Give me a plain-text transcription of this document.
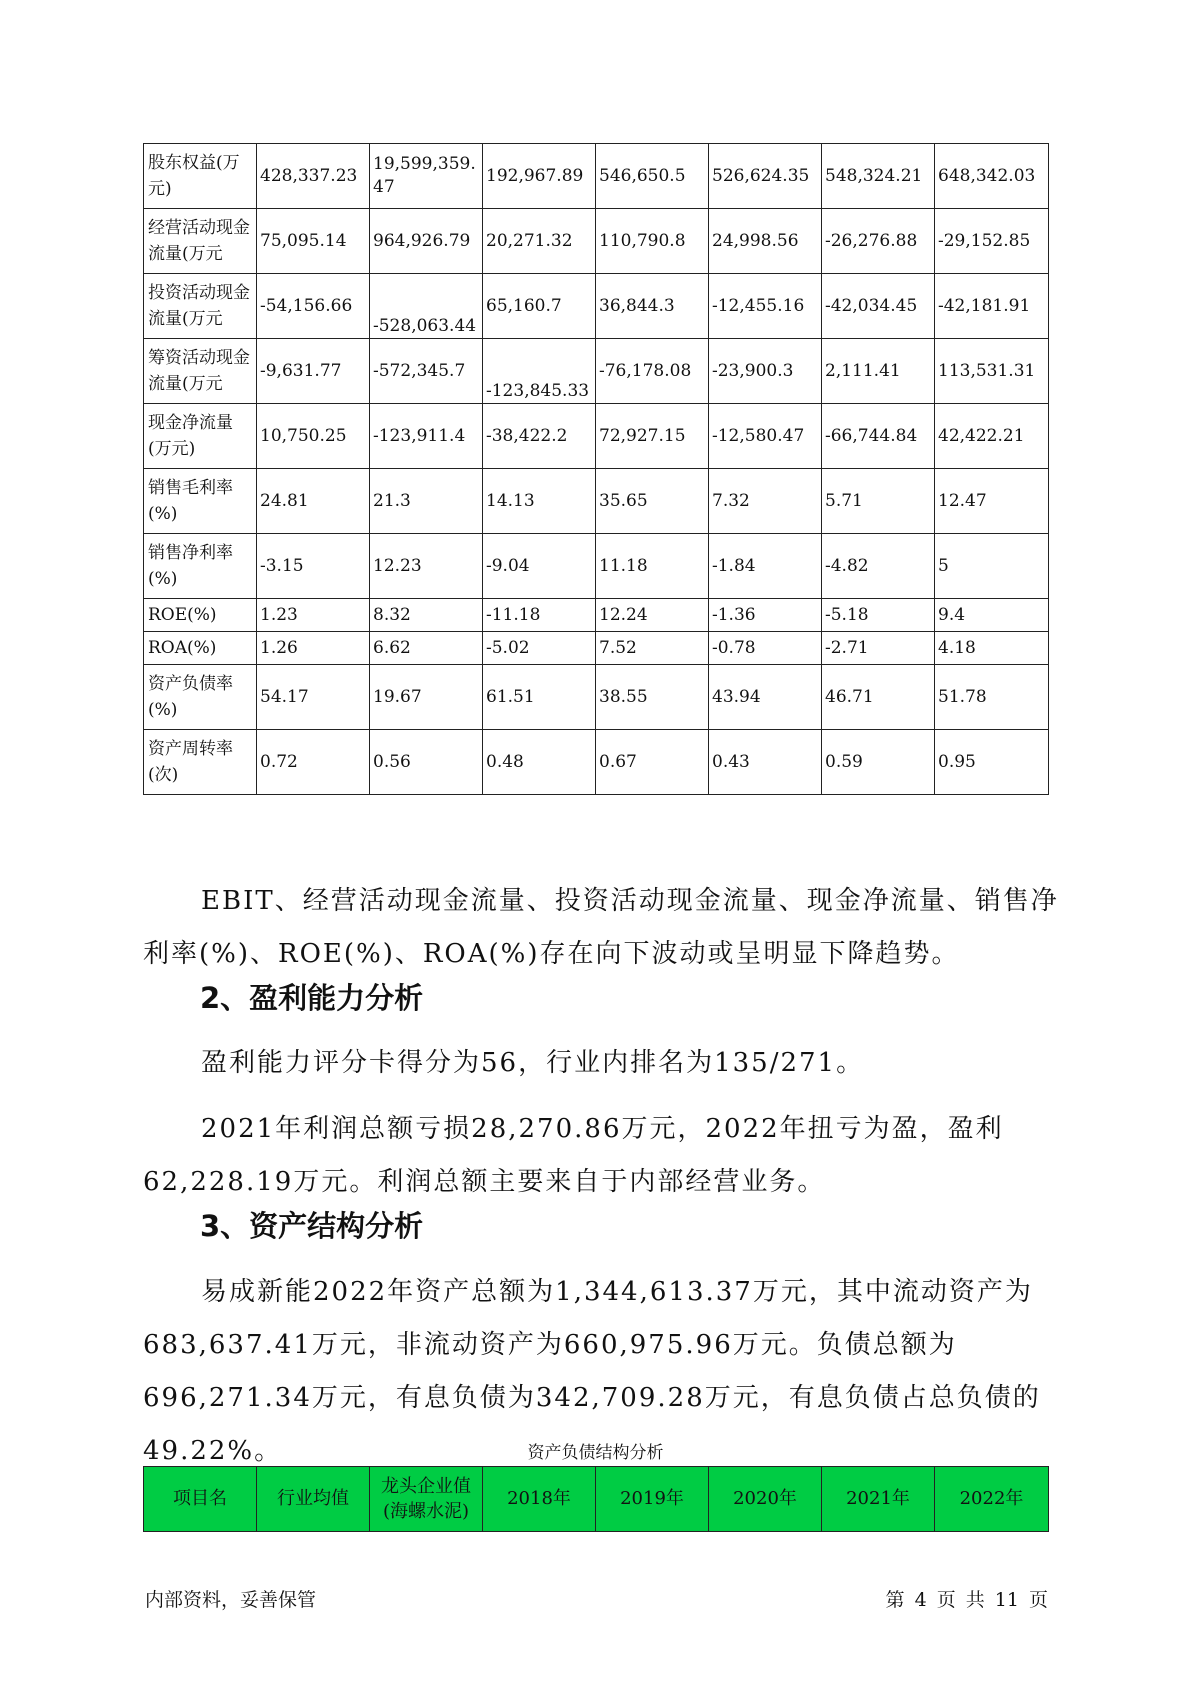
股东权益(万元)	428,337.23	19,599,359.47	192,967.89	546,650.5	526,624.35	548,324.21	648,342.03
经营活动现金流量(万元	75,095.14	964,926.79	20,271.32	110,790.8	24,998.56	-26,276.88	-29,152.85
投资活动现金流量(万元	-54,156.66	-528,063.44	65,160.7	36,844.3	-12,455.16	-42,034.45	-42,181.91
筹资活动现金流量(万元	-9,631.77	-572,345.7	-123,845.33	-76,178.08	-23,900.3	2,111.41	113,531.31
现金净流量(万元)	10,750.25	-123,911.4	-38,422.2	72,927.15	-12,580.47	-66,744.84	42,422.21
销售毛利率(%)	24.81	21.3	14.13	35.65	7.32	5.71	12.47
销售净利率(%)	-3.15	12.23	-9.04	11.18	-1.84	-4.82	5
ROE(%)	1.23	8.32	-11.18	12.24	-1.36	-5.18	9.4
ROA(%)	1.26	6.62	-5.02	7.52	-0.78	-2.71	4.18
资产负债率(%)	54.17	19.67	61.51	38.55	43.94	46.71	51.78
资产周转率(次)	0.72	0.56	0.48	0.67	0.43	0.59	0.95
EBIT、经营活动现金流量、投资活动现金流量、现金净流量、销售净利率(%)、ROE(%)、ROA(%)存在向下波动或呈明显下降趋势。
2、盈利能力分析
盈利能力评分卡得分为56，行业内排名为135/271。
2021年利润总额亏损28,270.86万元，2022年扭亏为盈，盈利62,228.19万元。利润总额主要来自于内部经营业务。
3、资产结构分析
易成新能2022年资产总额为1,344,613.37万元，其中流动资产为683,637.41万元，非流动资产为660,975.96万元。负债总额为696,271.34万元，有息负债为342,709.28万元，有息负债占总负债的49.22%。	资产负债结构分析
项目名	行业均值	龙头企业值(海螺水泥)	2018年	2019年	2020年	2021年	2022年
内部资料，妥善保管	第 4 页 共 11 页
